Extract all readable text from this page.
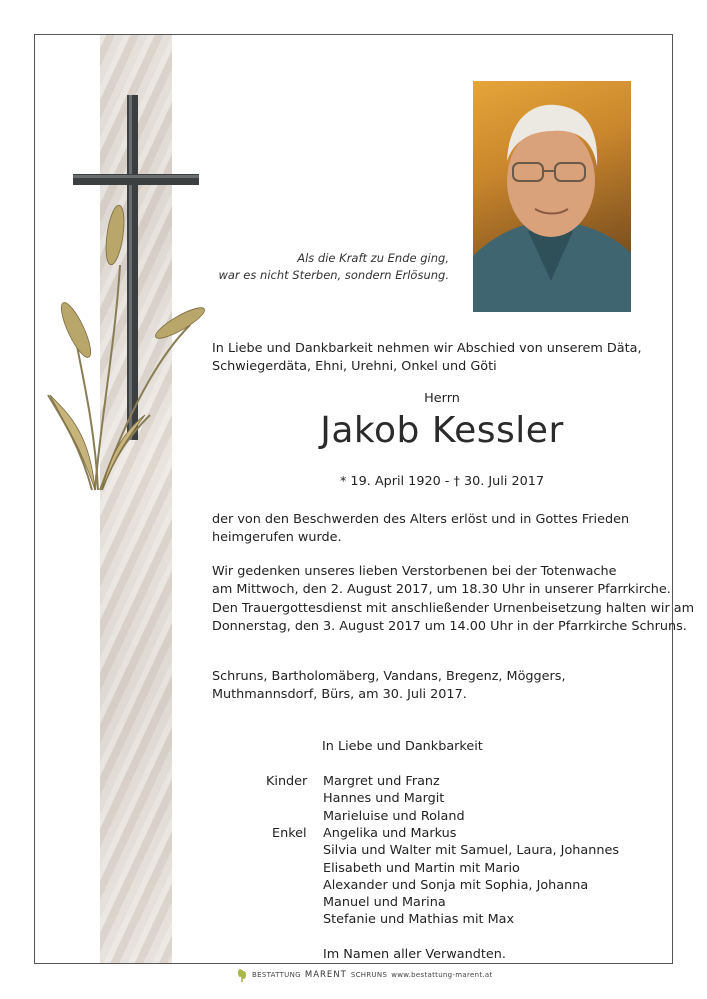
Als die Kraft zu Ende ging,
war es nicht Sterben, sondern Erlösung.
In Liebe und Dankbarkeit nehmen wir Abschied von unserem Däta,
Schwiegerdäta, Ehni, Urehni, Onkel und Göti
Herrn
Jakob Kessler
* 19. April 1920 - † 30. Juli 2017
der von den Beschwerden des Alters erlöst und in Gottes Frieden
heimgerufen wurde.
Wir gedenken unseres lieben Verstorbenen bei der Totenwache
am Mittwoch, den 2. August 2017, um 18.30 Uhr in unserer Pfarrkirche.
Den Trauergottesdienst mit anschließender Urnenbeisetzung halten wir am
Donnerstag, den 3. August 2017 um 14.00 Uhr in der Pfarrkirche Schruns.
Schruns, Bartholomäberg, Vandans, Bregenz, Möggers,
Muthmannsdorf, Bürs, am 30. Juli 2017.
In Liebe und Dankbarkeit
Kinder Margret und Franz
Hannes und Margit
Marieluise und Roland
Enkel Angelika und Markus
Silvia und Walter mit Samuel, Laura, Johannes
Elisabeth und Martin mit Mario
Alexander und Sonja mit Sophia, Johanna
Manuel und Marina
Stefanie und Mathias mit Max
Im Namen aller Verwandten.
BESTATTUNG MARENT SCHRUNS www.bestattung-marent.at
